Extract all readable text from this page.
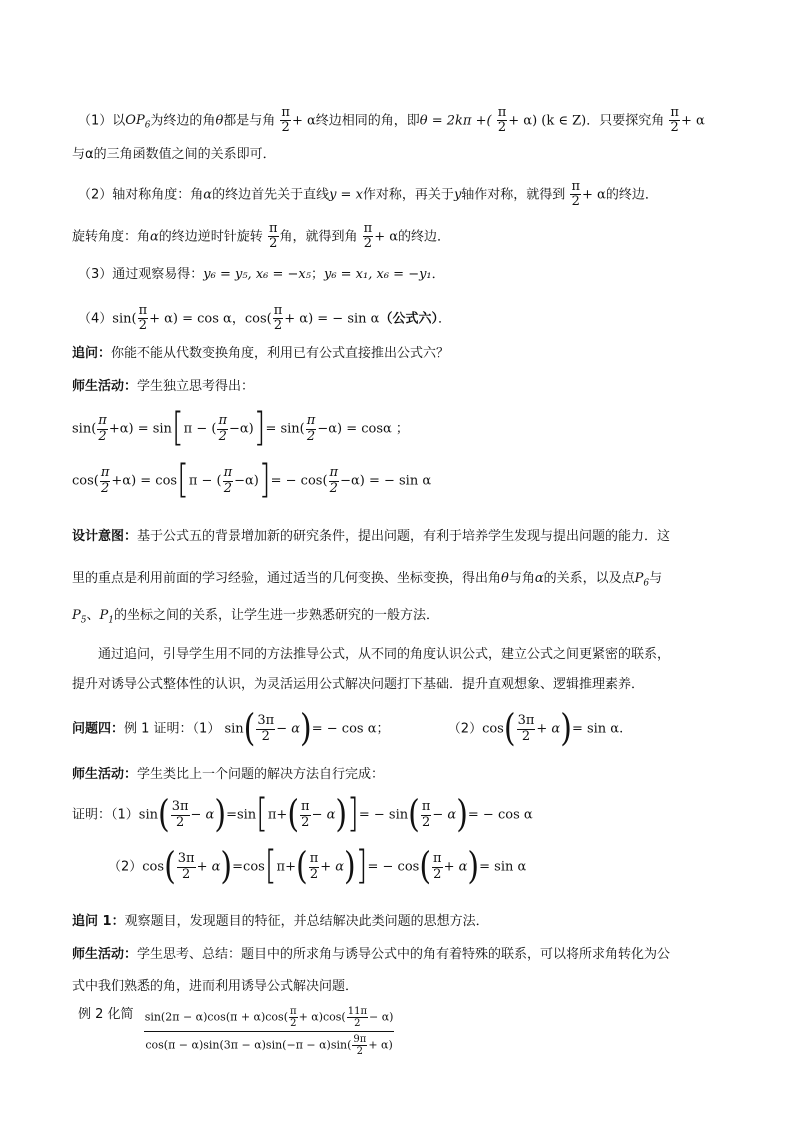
（1）以$OP_6$为终边的角θ都是与角 $\frac{\pi}{2} + \alpha$终边相同的角，即θ = 2kπ +( $\frac{\pi}{2} + \alpha$) (k ∈ Z)．只要探究角 $\frac{\pi}{2} + \alpha$
与α的三角函数值之间的关系即可．
（2）轴对称角度：角α的终边首先关于直线y = x作对称，再关于y轴作对称，就得到 $\frac{\pi}{2} + \alpha$的终边．
旋转角度：角α的终边逆时针旋转 $\frac{\pi}{2}$ 角，就得到角 $\frac{\pi}{2} + \alpha$的终边．
（3）通过观察易得：y₆ = y₅, x₆ = −x₅；y₆ = x₁, x₆ = −y₁．
$(4)\sin( \frac{\pi}{2} + \alpha) = \cos \alpha$，$\cos( \frac{\pi}{2} + \alpha)$ = − sin α（公式六）．
追问：你能不能从代数变换角度，利用已有公式直接推出公式六？
师生活动：学生独立思考得出：
$\sin( \frac{\pi}{2} +\alpha) = \sin[\pi$ − ( $\frac{\pi}{2} -\alpha)]= \sin( \frac{\pi}{2} -\alpha) = \cos\alpha$ ；
$\cos( \frac{\pi}{2} +\alpha) = \cos[\pi$ − ( $\frac{\pi}{2} -\alpha)]= - \cos( \frac{\pi}{2} -\alpha)$ = − sin α
设计意图：基于公式五的背景增加新的研究条件，提出问题，有利于培养学生发现与提出问题的能力．这
里的重点是利用前面的学习经验，通过适当的几何变换、坐标变换，得出角θ与角α的关系，以及点$P_6$与
$P_5$、$P_1$的坐标之间的关系，让学生进一步熟悉研究的一般方法．
通过追问，引导学生用不同的方法推导公式，从不同的角度认识公式，建立公式之间更紧密的联系，
提升对诱导公式整体性的认识，为灵活运用公式解决问题打下基础．提升直观想象、逻辑推理素养．
问题四：例 1 证明：（1） $\sin( \frac{3\pi}{2} - \alpha)= - \cos \alpha$；	$(2)\cos( \frac{3\pi}{2} + \alpha)= \sin \alpha$.
师生活动：学生类比上一个问题的解决方法自行完成：
证明：$(1)\sin( \frac{3\pi}{2} - \alpha)=\sin[\pi+( \frac{\pi}{2} - \alpha)]= - \sin( \frac{\pi}{2} - \alpha)= - \cos \alpha$
$(2)\cos( \frac{3\pi}{2} + \alpha)=\cos[\pi+( \frac{\pi}{2} + \alpha)]= - \cos( \frac{\pi}{2} + \alpha)= \sin \alpha$
追问 1：观察题目，发现题目的特征，并总结解决此类问题的思想方法．
师生活动：学生思考、总结：题目中的所求角与诱导公式中的角有着特殊的联系，可以将所求角转化为公
式中我们熟悉的角，进而利用诱导公式解决问题．
例 2 化简 $\frac{\sin(2\pi - \alpha)\cos(\pi + \alpha)\cos( \frac{\pi}{2} + \alpha)\cos( \frac{11\pi}{2} - \alpha)}{\cos(\pi - \alpha)\sin(3\pi - \alpha)\sin(-\pi - \alpha)\sin( \frac{9\pi}{2} + \alpha)}$
